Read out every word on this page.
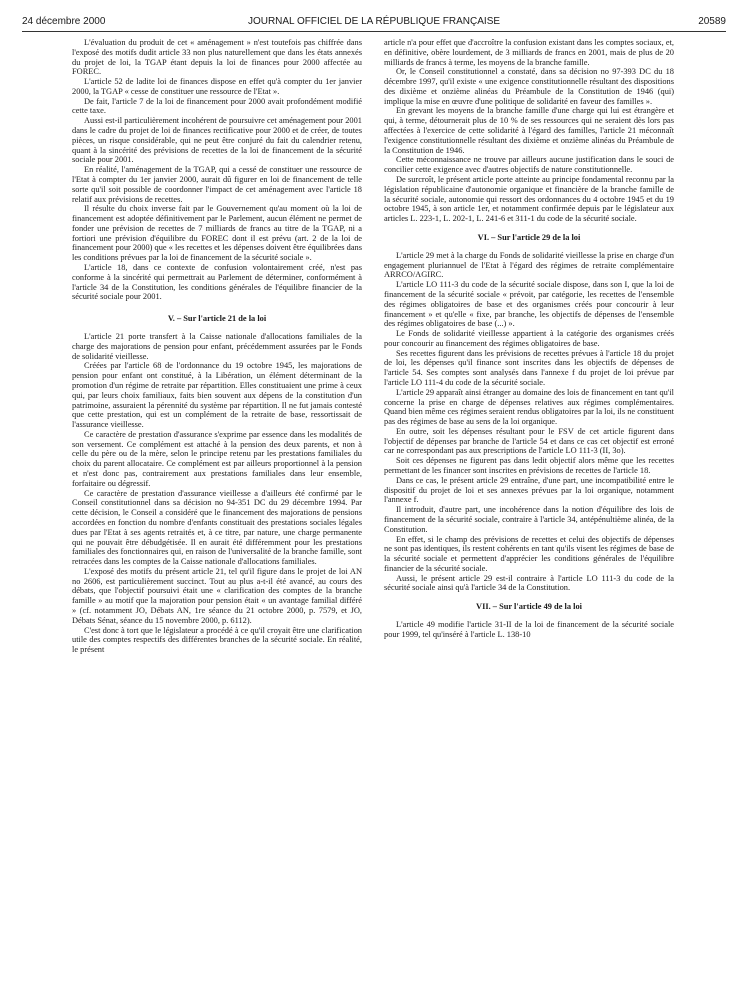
24 décembre 2000	JOURNAL OFFICIEL DE LA RÉPUBLIQUE FRANÇAISE	20589

L'évaluation du produit de cet « aménagement » n'est toutefois pas chiffrée dans l'exposé des motifs dudit article 33 non plus naturellement que dans les états annexés du projet de loi, la TGAP étant depuis la loi de finances pour 2000 affectée au FOREC.

L'article 52 de ladite loi de finances dispose en effet qu'à compter du 1er janvier 2000, la TGAP « cesse de constituer une ressource de l'Etat ».

De fait, l'article 7 de la loi de financement pour 2000 avait profondément modifié cette taxe.

Aussi est-il particulièrement incohérent de poursuivre cet aménagement pour 2001 dans le cadre du projet de loi de finances rectificative pour 2000 et de créer, de toutes pièces, un risque considérable, qui ne peut être conjuré du fait du calendrier retenu, quant à la sincérité des prévisions de recettes de la loi de financement de la sécurité sociale pour 2001.

En réalité, l'aménagement de la TGAP, qui a cessé de constituer une ressource de l'Etat à compter du 1er janvier 2000, aurait dû figurer en loi de financement de telle sorte qu'il soit possible de coordonner l'impact de cet aménagement avec l'article 18 relatif aux prévisions de recettes.

Il résulte du choix inverse fait par le Gouvernement qu'au moment où la loi de financement est adoptée définitivement par le Parlement, aucun élément ne permet de fonder une prévision de recettes de 7 milliards de francs au titre de la TGAP, ni a fortiori une prévision d'équilibre du FOREC dont il est prévu (art. 2 de la loi de financement pour 2000) que « les recettes et les dépenses doivent être équilibrées dans les conditions prévues par la loi de financement de la sécurité sociale ».

L'article 18, dans ce contexte de confusion volontairement créé, n'est pas conforme à la sincérité qui permettrait au Parlement de déterminer, conformément à l'article 34 de la Constitution, les conditions générales de l'équilibre financier de la sécurité sociale pour 2001.

V. – Sur l'article 21 de la loi

L'article 21 porte transfert à la Caisse nationale d'allocations familiales de la charge des majorations de pension pour enfant, précédemment assurées par le Fonds de solidarité vieillesse.

Créées par l'article 68 de l'ordonnance du 19 octobre 1945, les majorations de pension pour enfant ont constitué, à la Libération, un élément déterminant de la promotion d'un régime de retraite par répartition. Elles constituaient une prime à ceux qui, par leurs choix familiaux, faits bien souvent aux dépens de la constitution d'un patrimoine, assuraient la pérennité du système par répartition. Il ne fut jamais contesté que cette prestation, qui est un complément de la retraite de base, ressortissait de l'assurance vieillesse.

Ce caractère de prestation d'assurance s'exprime par essence dans les modalités de son versement. Ce complément est attaché à la pension des deux parents, et non à celle du père ou de la mère, selon le principe retenu par les prestations familiales du choix du parent allocataire. Ce complément est par ailleurs proportionnel à la pension et n'est donc pas, contrairement aux prestations familiales dans leur ensemble, forfaitaire ou dégressif.

Ce caractère de prestation d'assurance vieillesse a d'ailleurs été confirmé par le Conseil constitutionnel dans sa décision no 94-351 DC du 29 décembre 1994. Par cette décision, le Conseil a considéré que le financement des majorations de pensions accordées en fonction du nombre d'enfants constituait des prestations sociales légales dues par l'Etat à ses agents retraités et, à ce titre, par nature, une charge permanente qui ne pouvait être débudgétisée. Il en aurait été différemment pour les prestations familiales des fonctionnaires qui, en raison de l'universalité de la branche famille, sont retracées dans les comptes de la Caisse nationale d'allocations familiales.

L'exposé des motifs du présent article 21, tel qu'il figure dans le projet de loi AN no 2606, est particulièrement succinct. Tout au plus a-t-il été avancé, au cours des débats, que l'objectif poursuivi était une « clarification des comptes de la branche famille » au motif que la majoration pour pension était « un avantage familial différé » (cf. notamment JO, Débats AN, 1re séance du 21 octobre 2000, p. 7579, et JO, Débats Sénat, séance du 15 novembre 2000, p. 6112).

C'est donc à tort que le législateur a procédé à ce qu'il croyait être une clarification utile des comptes respectifs des différentes branches de la sécurité sociale. En réalité, le présent

article n'a pour effet que d'accroître la confusion existant dans les comptes sociaux, et, en définitive, obère lourdement, de 3 milliards de francs en 2001, mais de plus de 20 milliards de francs à terme, les moyens de la branche famille.

Or, le Conseil constitutionnel a constaté, dans sa décision no 97-393 DC du 18 décembre 1997, qu'il existe « une exigence constitutionnelle résultant des dispositions des dixième et onzième alinéas du Préambule de la Constitution de 1946 (qui) implique la mise en œuvre d'une politique de solidarité en faveur des familles ».

En grevant les moyens de la branche famille d'une charge qui lui est étrangère et qui, à terme, détournerait plus de 10 % de ses ressources qui ne seraient dès lors pas affectées à l'exercice de cette solidarité à l'égard des familles, l'article 21 méconnaît l'exigence constitutionnelle résultant des dixième et onzième alinéas du Préambule de la Constitution de 1946.

Cette méconnaissance ne trouve par ailleurs aucune justification dans le souci de concilier cette exigence avec d'autres objectifs de nature constitutionnelle.

De surcroît, le présent article porte atteinte au principe fondamental reconnu par la législation républicaine d'autonomie organique et financière de la branche famille de la sécurité sociale, autonomie qui ressort des ordonnances du 4 octobre 1945 et du 19 octobre 1945, à son article 1er, et notamment confirmée depuis par le législateur aux articles L. 223-1, L. 202-1, L. 241-6 et 311-1 du code de la sécurité sociale.

VI. – Sur l'article 29 de la loi

L'article 29 met à la charge du Fonds de solidarité vieillesse la prise en charge d'un engagement pluriannuel de l'Etat à l'égard des régimes de retraite complémentaire ARRCO/AGIRC.

L'article LO 111-3 du code de la sécurité sociale dispose, dans son I, que la loi de financement de la sécurité sociale « prévoit, par catégorie, les recettes de l'ensemble des régimes obligatoires de base et des organismes créés pour concourir à leur financement » et qu'elle « fixe, par branche, les objectifs de dépenses de l'ensemble des régimes obligatoires de base (...) ».

Le Fonds de solidarité vieillesse appartient à la catégorie des organismes créés pour concourir au financement des régimes obligatoires de base.

Ses recettes figurent dans les prévisions de recettes prévues à l'article 18 du projet de loi, les dépenses qu'il finance sont inscrites dans les objectifs de dépenses de l'article 54. Ses comptes sont analysés dans l'annexe f du projet de loi prévue par l'article LO 111-4 du code de la sécurité sociale.

L'article 29 apparaît ainsi étranger au domaine des lois de financement en tant qu'il concerne la prise en charge de dépenses relatives aux régimes complémentaires. Quand bien même ces régimes seraient rendus obligatoires par la loi, ils ne constituent pas des régimes de base au sens de la loi organique.

En outre, soit les dépenses résultant pour le FSV de cet article figurent dans l'objectif de dépenses par branche de l'article 54 et dans ce cas cet objectif est erroné car ne correspondant pas aux prescriptions de l'article LO 111-3 (II, 3o).

Soit ces dépenses ne figurent pas dans ledit objectif alors même que les recettes permettant de les financer sont inscrites en prévisions de recettes de l'article 18.

Dans ce cas, le présent article 29 entraîne, d'une part, une incompatibilité entre le dispositif du projet de loi et ses annexes prévues par la loi organique, notamment l'annexe f.

Il introduit, d'autre part, une incohérence dans la notion d'équilibre des lois de financement de la sécurité sociale, contraire à l'article 34, antépénultième alinéa, de la Constitution.

En effet, si le champ des prévisions de recettes et celui des objectifs de dépenses ne sont pas identiques, ils restent cohérents en tant qu'ils visent les régimes de base de la sécurité sociale et permettent d'apprécier les conditions générales de l'équilibre financier de la sécurité sociale.

Aussi, le présent article 29 est-il contraire à l'article LO 111-3 du code de la sécurité sociale ainsi qu'à l'article 34 de la Constitution.

VII. – Sur l'article 49 de la loi

L'article 49 modifie l'article 31-II de la loi de financement de la sécurité sociale pour 1999, tel qu'inséré à l'article L. 138-10
